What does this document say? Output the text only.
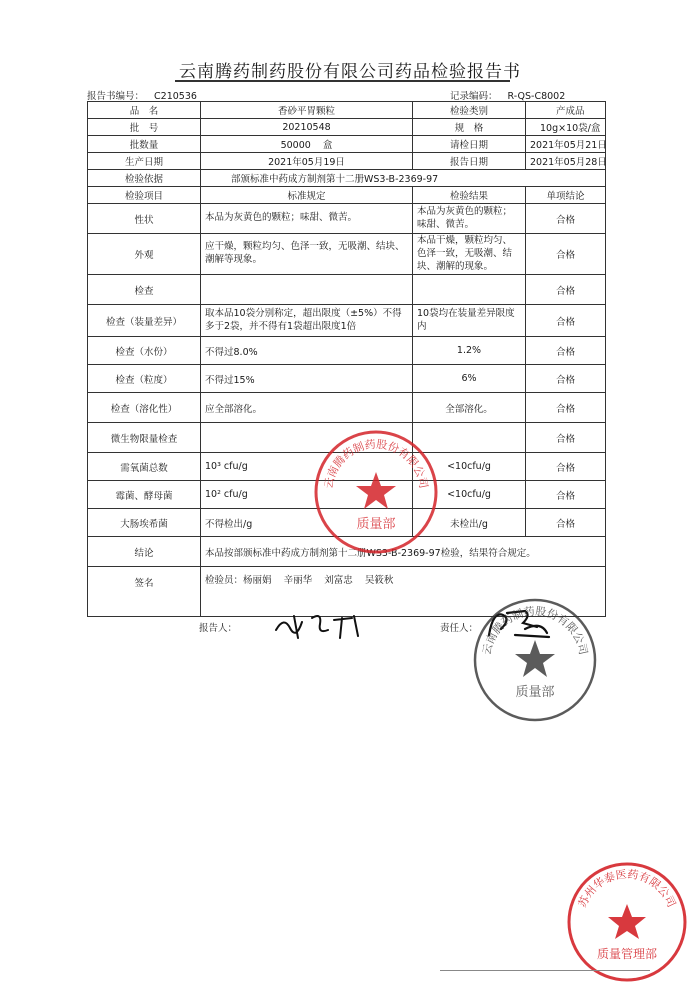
云南腾药制药股份有限公司药品检验报告书
报告书编号： C210536	记录编码： R-QS-C8002
品　名	香砂平胃颗粒	检验类别	产成品
批　号	20210548	规　格	10g×10袋/盒
批数量	50000 盒	请检日期	2021年05月21日
生产日期	2021年05月19日	报告日期	2021年05月28日
检验依据	部颁标准中药成方制剂第十二册WS3-B-2369-97		
检验项目	标准规定	检验结果	单项结论
性状	本品为灰黄色的颗粒；味甜、微苦。	本品为灰黄色的颗粒；味甜、微苦。	合格
外观	应干燥，颗粒均匀、色泽一致，无吸潮、结块、潮解等现象。	本品干燥，颗粒均匀、色泽一致，无吸潮、结块、潮解的现象。	合格
检查			合格
检查（装量差异）	取本品10袋分别称定，超出限度（±5%）不得多于2袋，并不得有1袋超出限度1倍	10袋均在装量差异限度内	合格
检查（水份）	不得过8.0%	1.2%	合格
检查（粒度）	不得过15%	6%	合格
检查（溶化性）	应全部溶化。	全部溶化。	合格
微生物限量检查			合格
需氧菌总数	10³ cfu/g	<10cfu/g	合格
霉菌、酵母菌	10² cfu/g	<10cfu/g	合格
大肠埃希菌	不得检出/g	未检出/g	合格
结论	本品按部颁标准中药成方制剂第十二册WS3-B-2369-97检验，结果符合规定。		
签名	检验员：杨丽娟 辛丽华 刘富忠 吴筱秋		
报告人：	责任人：
云南腾药制药股份有限公司
质量部
云南腾药制药股份有限公司
质量部
苏州华泰医药有限公司
质量管理部
